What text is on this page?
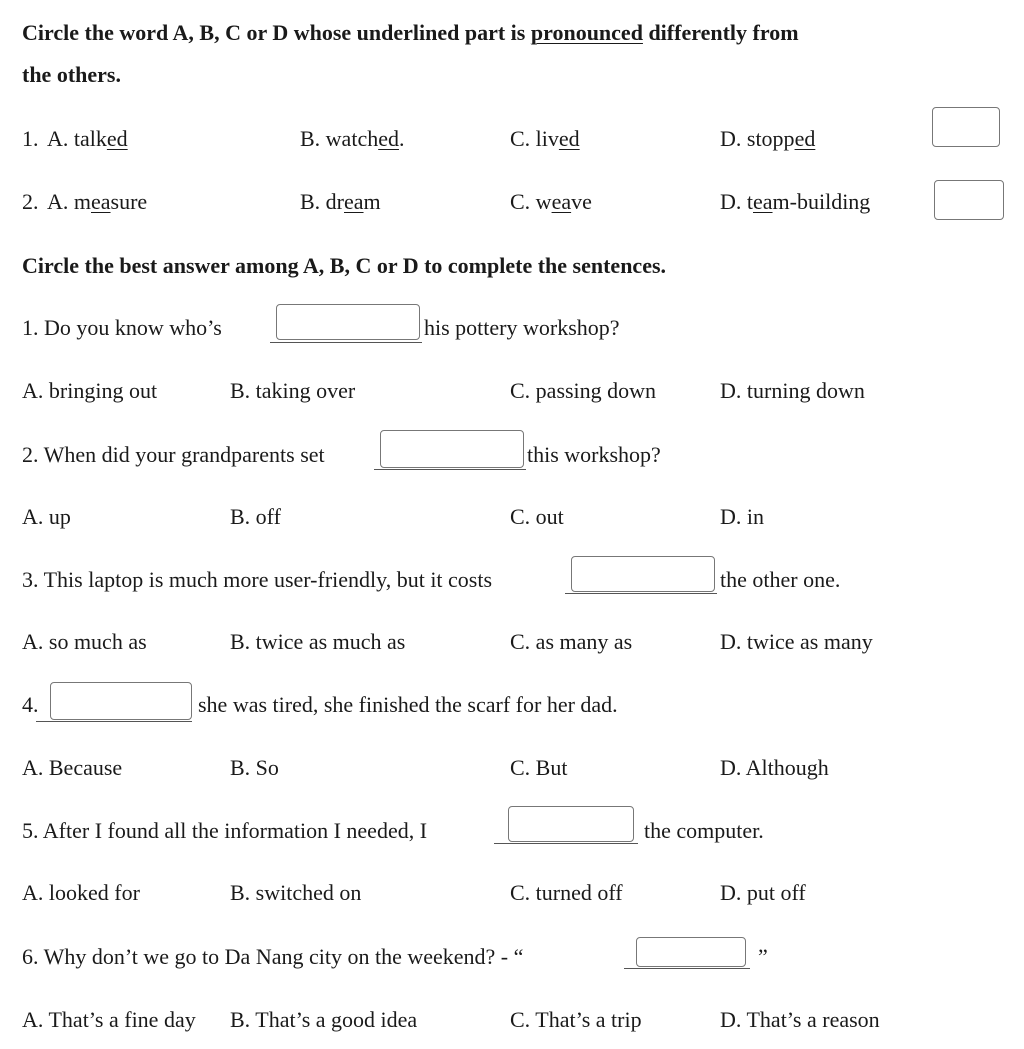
Circle the word A, B, C or D whose underlined part is pronounced differently from
the others.
1. A. talked	B. watched.	C. lived	D. stopped
2. A. measure	B. dream	C. weave	D. team-building
Circle the best answer among A, B, C or D to complete the sentences.
1. Do you know who’s	his pottery workshop?
A. bringing out	B. taking over	C. passing down	D. turning down
2. When did your grandparents set	this workshop?
A. up	B. off	C. out	D. in
3. This laptop is much more user-friendly, but it costs	the other one.
A. so much as	B. twice as much as	C. as many as	D. twice as many
4.	she was tired, she finished the scarf for her dad.
A. Because	B. So	C. But	D. Although
5. After I found all the information I needed, I	the computer.
A. looked for	B. switched on	C. turned off	D. put off
6. Why don’t we go to Da Nang city on the weekend? - “	”
A. That’s a fine day B. That’s a good idea	C. That’s a trip	D. That’s a reason
